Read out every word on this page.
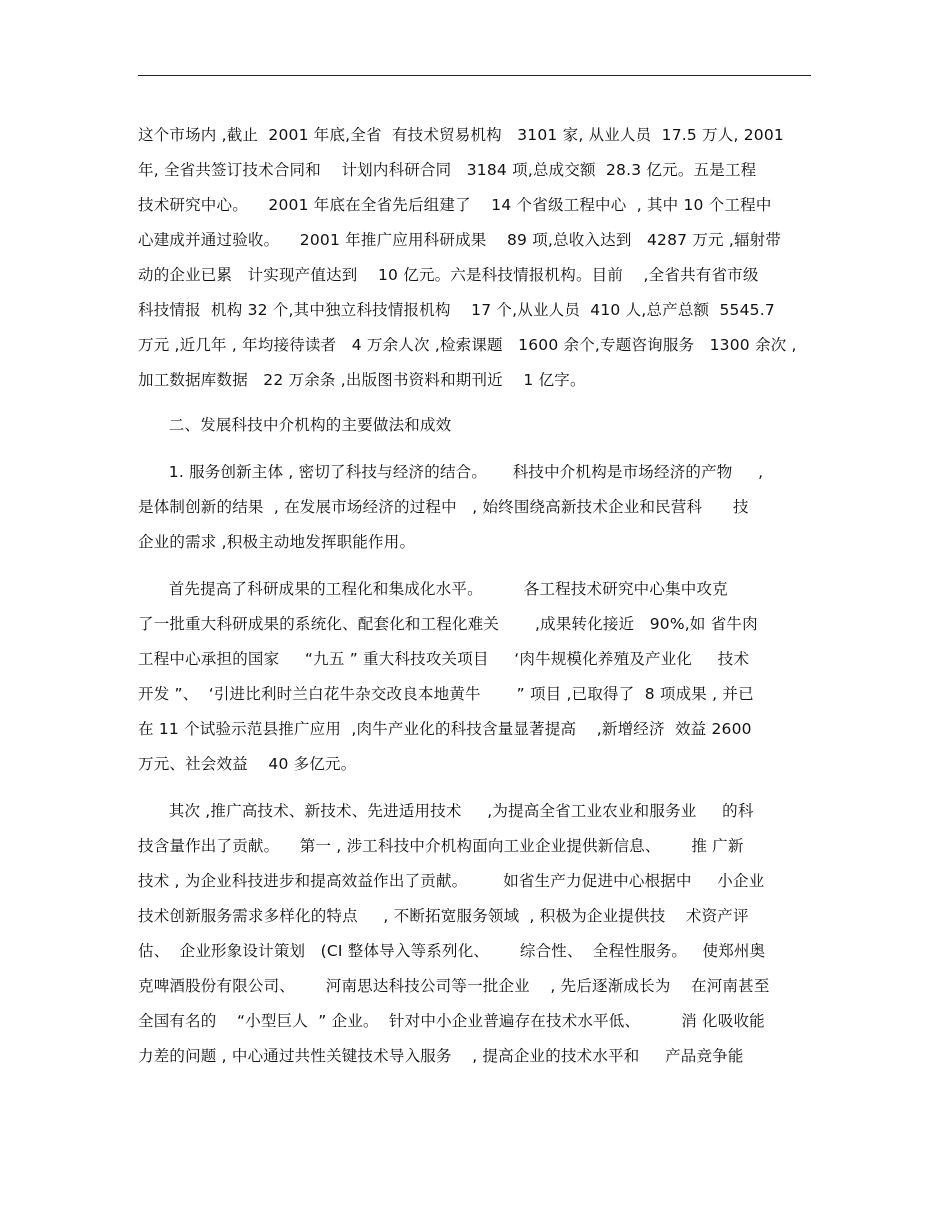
这个市场内 ,截止  2001 年底,全省  有技术贸易机构   3101 家, 从业人员  17.5 万人, 2001
年, 全省共签订技术合同和    计划内科研合同   3184 项,总成交额  28.3 亿元。五是工程
技术研究中心。    2001 年底在全省先后组建了    14 个省级工程中心  , 其中 10 个工程中
心建成并通过验收。    2001 年推广应用科研成果    89 项,总收入达到   4287 万元 ,辐射带
动的企业已累   计实现产值达到    10 亿元。六是科技情报机构。目前    ,全省共有省市级
科技情报  机构 32 个,其中独立科技情报机构    17 个,从业人员  410 人,总产总额  5545.7
万元 ,近几年 , 年均接待读者   4 万余人次 ,检索课题   1600 余个,专题咨询服务   1300 余次 ,
加工数据库数据   22 万余条 ,出版图书资料和期刊近    1 亿字。
二、发展科技中介机构的主要做法和成效
1. 服务创新主体 , 密切了科技与经济的结合。     科技中介机构是市场经济的产物     ,
是体制创新的结果  , 在发展市场经济的过程中   , 始终围绕高新技术企业和民营科      技
企业的需求 ,积极主动地发挥职能作用。
首先提高了科研成果的工程化和集成化水平。        各工程技术研究中心集中攻克
了一批重大科研成果的系统化、配套化和工程化难关       ,成果转化接近   90%,如 省牛肉
工程中心承担的国家     “九五 ” 重大科技攻关项目     ‘肉牛规模化养殖及产业化     技术
开发 ”、  ‘引进比利时兰白花牛杂交改良本地黄牛       ” 项目 ,已取得了  8 项成果 , 并已
在 11 个试验示范县推广应用  ,肉牛产业化的科技含量显著提高    ,新增经济  效益 2600
万元、社会效益    40 多亿元。
其次 ,推广高技术、新技术、先进适用技术     ,为提高全省工业农业和服务业     的科
技含量作出了贡献。    第一 , 涉工科技中介机构面向工业企业提供新信息、      推 广新
技术 , 为企业科技进步和提高效益作出了贡献。       如省生产力促进中心根据中     小企业
技术创新服务需求多样化的特点     , 不断拓宽服务领域  , 积极为企业提供技    术资产评
估、  企业形象设计策划   (CI 整体导入等系列化、      综合性、  全程性服务。   使郑州奥
克啤酒股份有限公司、      河南思达科技公司等一批企业    , 先后逐渐成长为    在河南甚至
全国有名的    “小型巨人  ” 企业。  针对中小企业普遍存在技术水平低、        消 化吸收能
力差的问题 , 中心通过共性关键技术导入服务    , 提高企业的技术水平和     产品竞争能
